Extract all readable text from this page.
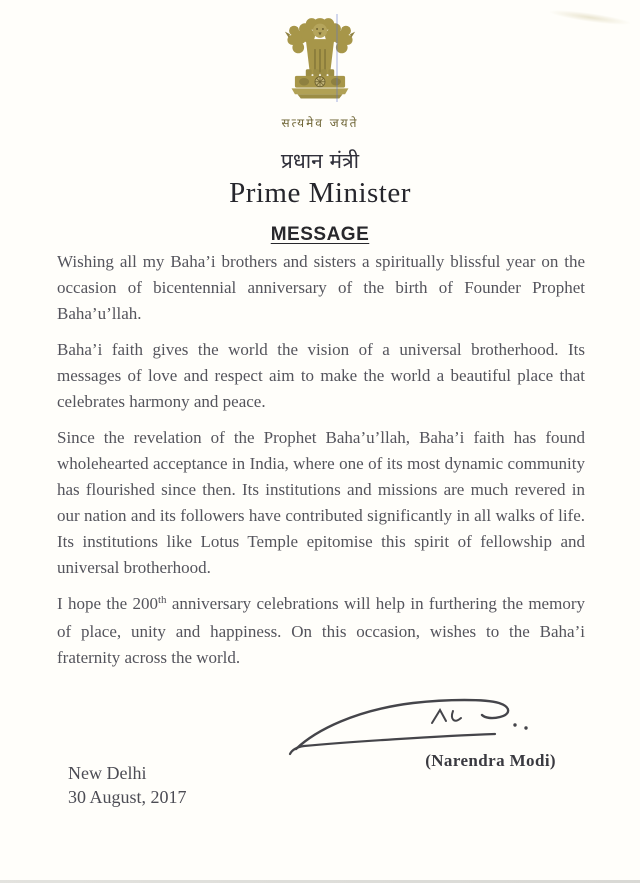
सत्यमेव जयते
प्रधान मंत्री
Prime Minister
MESSAGE

Wishing all my Baha’i brothers and sisters a spiritually blissful year on the occasion of bicentennial anniversary of the birth of Founder Prophet Baha’u’llah.

Baha’i faith gives the world the vision of a universal brotherhood. Its messages of love and respect aim to make the world a beautiful place that celebrates harmony and peace.

Since the revelation of the Prophet Baha’u’llah, Baha’i faith has found wholehearted acceptance in India, where one of its most dynamic community has flourished since then. Its institutions and missions are much revered in our nation and its followers have contributed significantly in all walks of life. Its institutions like Lotus Temple epitomise this spirit of fellowship and universal brotherhood.

I hope the 200th anniversary celebrations will help in furthering the memory of place, unity and happiness. On this occasion, wishes to the Baha’i fraternity across the world.

(Narendra Modi)
New Delhi
30 August, 2017
